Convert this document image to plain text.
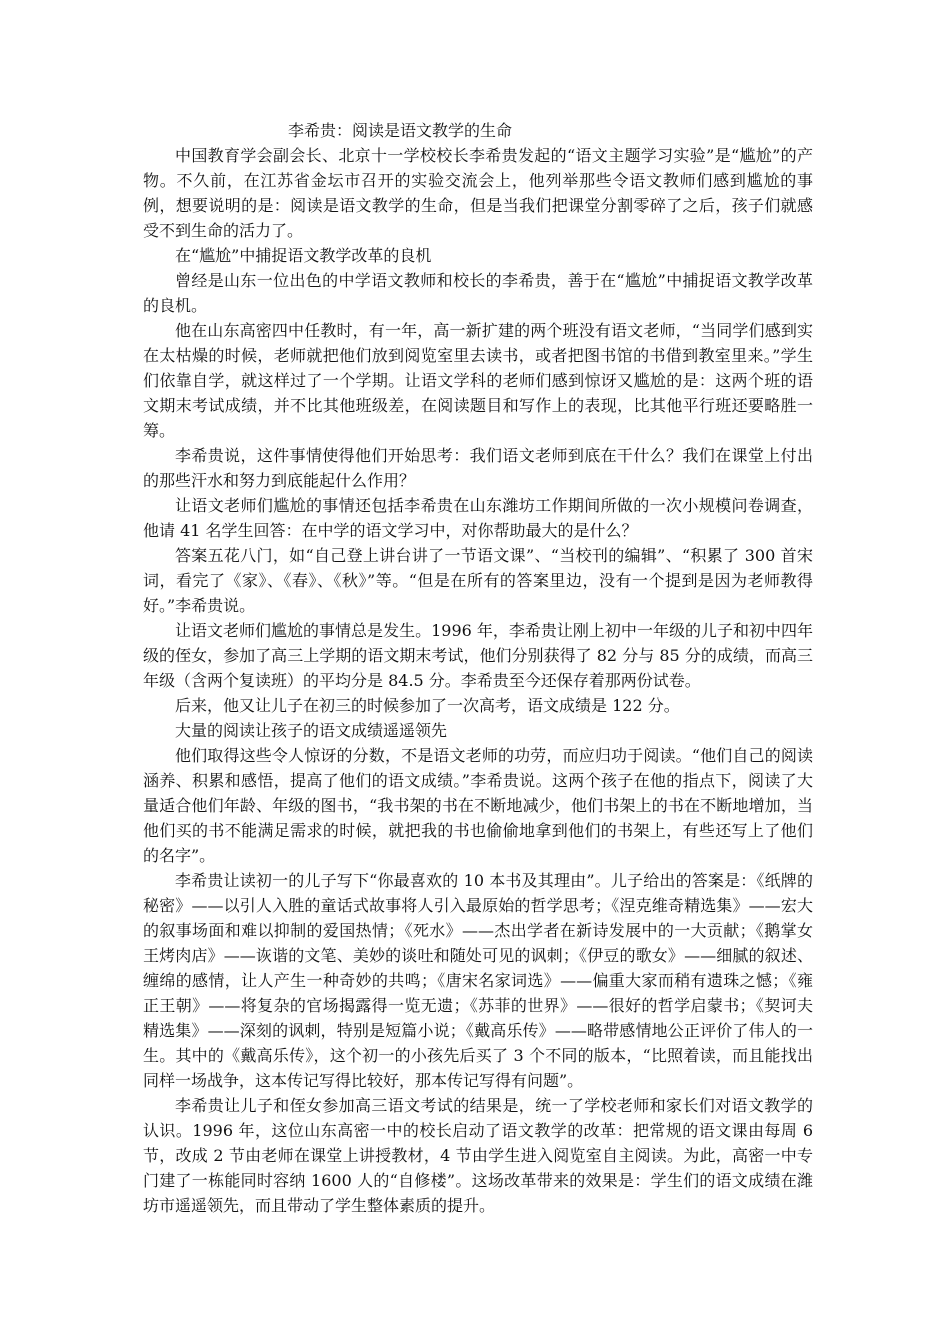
李希贵：阅读是语文教学的生命

中国教育学会副会长、北京十一学校校长李希贵发起的“语文主题学习实验”是“尴尬”的产物。不久前，在江苏省金坛市召开的实验交流会上，他列举那些令语文教师们感到尴尬的事例，想要说明的是：阅读是语文教学的生命，但是当我们把课堂分割零碎了之后，孩子们就感受不到生命的活力了。

在“尴尬”中捕捉语文教学改革的良机

曾经是山东一位出色的中学语文教师和校长的李希贵，善于在“尴尬”中捕捉语文教学改革的良机。

他在山东高密四中任教时，有一年，高一新扩建的两个班没有语文老师，“当同学们感到实在太枯燥的时候，老师就把他们放到阅览室里去读书，或者把图书馆的书借到教室里来。”学生们依靠自学，就这样过了一个学期。让语文学科的老师们感到惊讶又尴尬的是：这两个班的语文期末考试成绩，并不比其他班级差，在阅读题目和写作上的表现，比其他平行班还要略胜一筹。

李希贵说，这件事情使得他们开始思考：我们语文老师到底在干什么？我们在课堂上付出的那些汗水和努力到底能起什么作用？

让语文老师们尴尬的事情还包括李希贵在山东潍坊工作期间所做的一次小规模问卷调查，他请 41 名学生回答：在中学的语文学习中，对你帮助最大的是什么？

答案五花八门，如“自己登上讲台讲了一节语文课”、“当校刊的编辑”、“积累了 300 首宋词，看完了《家》、《春》、《秋》”等。“但是在所有的答案里边，没有一个提到是因为老师教得好。”李希贵说。

让语文老师们尴尬的事情总是发生。1996 年，李希贵让刚上初中一年级的儿子和初中四年级的侄女，参加了高三上学期的语文期末考试，他们分别获得了 82 分与 85 分的成绩，而高三年级（含两个复读班）的平均分是 84.5 分。李希贵至今还保存着那两份试卷。

后来，他又让儿子在初三的时候参加了一次高考，语文成绩是 122 分。

大量的阅读让孩子的语文成绩遥遥领先

他们取得这些令人惊讶的分数，不是语文老师的功劳，而应归功于阅读。“他们自己的阅读涵养、积累和感悟，提高了他们的语文成绩。”李希贵说。这两个孩子在他的指点下，阅读了大量适合他们年龄、年级的图书，“我书架的书在不断地减少，他们书架上的书在不断地增加，当他们买的书不能满足需求的时候，就把我的书也偷偷地拿到他们的书架上，有些还写上了他们的名字”。

李希贵让读初一的儿子写下“你最喜欢的 10 本书及其理由”。儿子给出的答案是：《纸牌的秘密》——以引人入胜的童话式故事将人引入最原始的哲学思考；《涅克维奇精选集》——宏大的叙事场面和难以抑制的爱国热情；《死水》——杰出学者在新诗发展中的一大贡献；《鹅掌女王烤肉店》——诙谐的文笔、美妙的谈吐和随处可见的讽刺；《伊豆的歌女》——细腻的叙述、缠绵的感情，让人产生一种奇妙的共鸣；《唐宋名家词选》——偏重大家而稍有遗珠之憾；《雍正王朝》——将复杂的官场揭露得一览无遗；《苏菲的世界》——很好的哲学启蒙书；《契诃夫精选集》——深刻的讽刺，特别是短篇小说；《戴高乐传》——略带感情地公正评价了伟人的一生。其中的《戴高乐传》，这个初一的小孩先后买了 3 个不同的版本，“比照着读，而且能找出同样一场战争，这本传记写得比较好，那本传记写得有问题”。

李希贵让儿子和侄女参加高三语文考试的结果是，统一了学校老师和家长们对语文教学的认识。1996 年，这位山东高密一中的校长启动了语文教学的改革：把常规的语文课由每周 6 节，改成 2 节由老师在课堂上讲授教材，4 节由学生进入阅览室自主阅读。为此，高密一中专门建了一栋能同时容纳 1600 人的“自修楼”。这场改革带来的效果是：学生们的语文成绩在潍坊市遥遥领先，而且带动了学生整体素质的提升。
